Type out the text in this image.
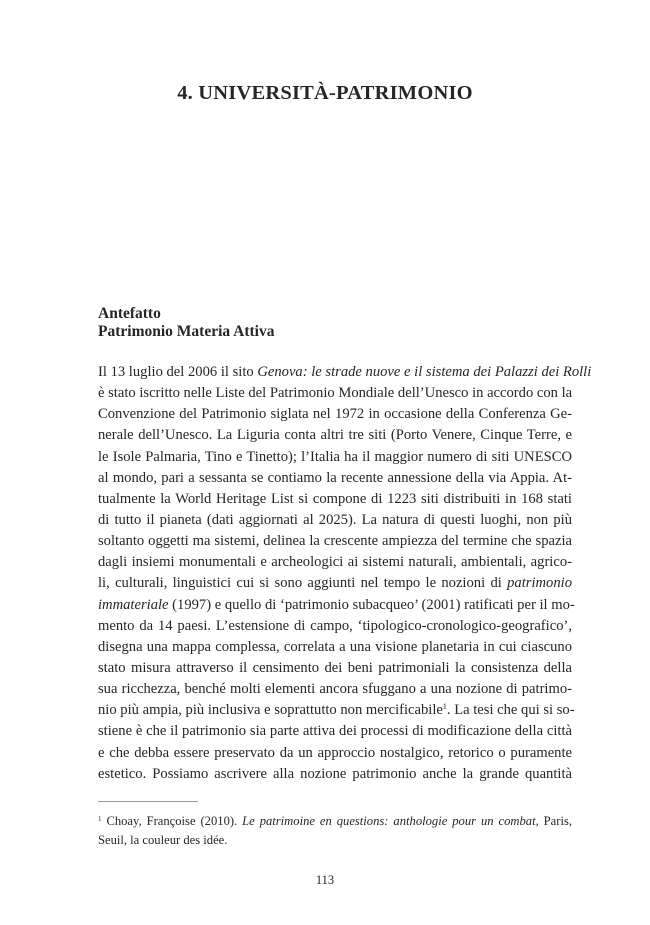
4. UNIVERSITÀ-PATRIMONIO
Antefatto
Patrimonio Materia Attiva
Il 13 luglio del 2006 il sito Genova: le strade nuove e il sistema dei Palazzi dei Rolli
è stato iscritto nelle Liste del Patrimonio Mondiale dell’Unesco in accordo con la
Convenzione del Patrimonio siglata nel 1972 in occasione della Conferenza Ge-
nerale dell’Unesco. La Liguria conta altri tre siti (Porto Venere, Cinque Terre, e
le Isole Palmaria, Tino e Tinetto); l’Italia ha il maggior numero di siti UNESCO
al mondo, pari a sessanta se contiamo la recente annessione della via Appia. At-
tualmente la World Heritage List si compone di 1223 siti distribuiti in 168 stati
di tutto il pianeta (dati aggiornati al 2025). La natura di questi luoghi, non più
soltanto oggetti ma sistemi, delinea la crescente ampiezza del termine che spazia
dagli insiemi monumentali e archeologici ai sistemi naturali, ambientali, agrico-
li, culturali, linguistici cui si sono aggiunti nel tempo le nozioni di patrimonio
immateriale (1997) e quello di ‘patrimonio subacqueo’ (2001) ratificati per il mo-
mento da 14 paesi. L’estensione di campo, ‘tipologico-cronologico-geografico’,
disegna una mappa complessa, correlata a una visione planetaria in cui ciascuno
stato misura attraverso il censimento dei beni patrimoniali la consistenza della
sua ricchezza, benché molti elementi ancora sfuggano a una nozione di patrimo-
nio più ampia, più inclusiva e soprattutto non mercificabile$^1$. La tesi che qui si so-
stiene è che il patrimonio sia parte attiva dei processi di modificazione della città
e che debba essere preservato da un approccio nostalgico, retorico o puramente
estetico. Possiamo ascrivere alla nozione patrimonio anche la grande quantità
$^1$ Choay, Françoise (2010). Le patrimoine en questions: anthologie pour un combat, Paris,
Seuil, la couleur des idée.
113
